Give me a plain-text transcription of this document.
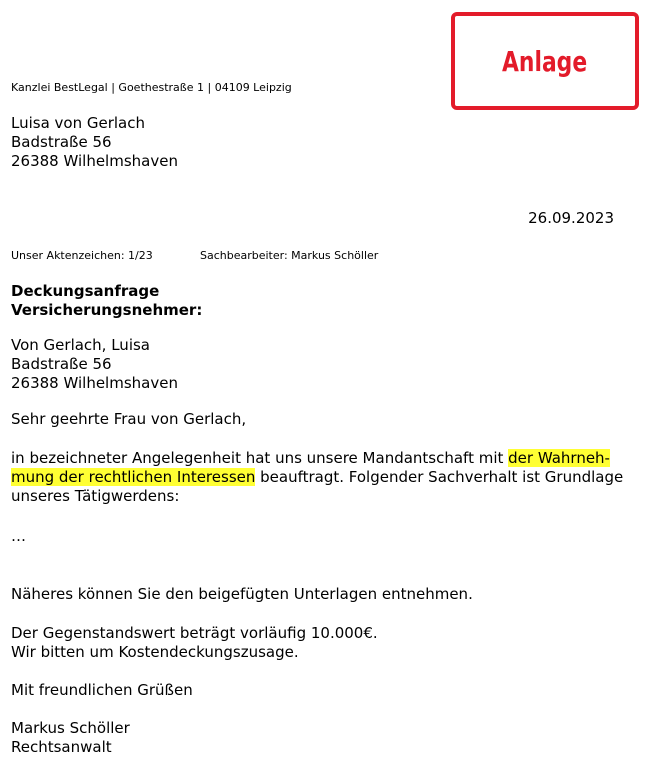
Anlage

Kanzlei BestLegal | Goethestraße 1 | 04109 Leipzig

Luisa von Gerlach
Badstraße 56
26388 Wilhelmshaven

26.09.2023

Unser Aktenzeichen: 1/23	Sachbearbeiter: Markus Schöller

Deckungsanfrage
Versicherungsnehmer:
Von Gerlach, Luisa
Badstraße 56
26388 Wilhelmshaven

Sehr geehrte Frau von Gerlach,

in bezeichneter Angelegenheit hat uns unsere Mandantschaft mit der Wahrneh-
mung der rechtlichen Interessen beauftragt. Folgender Sachverhalt ist Grundlage
unseres Tätigwerdens:

…

Näheres können Sie den beigefügten Unterlagen entnehmen.

Der Gegenstandswert beträgt vorläufig 10.000€.
Wir bitten um Kostendeckungszusage.

Mit freundlichen Grüßen

Markus Schöller
Rechtsanwalt
